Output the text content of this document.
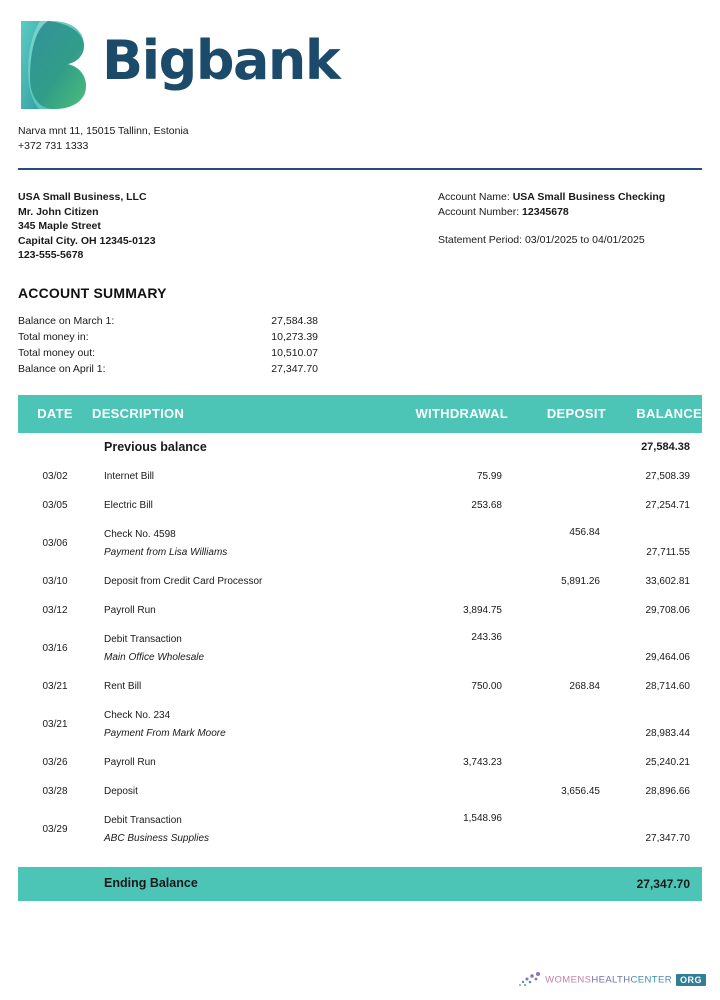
Bigbank
Narva mnt 11, 15015 Tallinn, Estonia
+372 731 1333
USA Small Business, LLC
Mr. John Citizen
345 Maple Street
Capital City. OH 12345-0123
123-555-5678
Account Name: USA Small Business Checking
Account Number: 12345678
Statement Period: 03/01/2025 to 04/01/2025
ACCOUNT SUMMARY
Balance on March 1:	27,584.38
Total money in:	10,273.39
Total money out:	10,510.07
Balance on April 1:	27,347.70
DATE	DESCRIPTION	WITHDRAWAL	DEPOSIT	BALANCE
	Previous balance			27,584.38
03/02	Internet Bill	75.99		27,508.39
03/05	Electric Bill	253.68		27,254.71
03/06	Check No. 4598
Payment from Lisa Williams		456.84	27,711.55
03/10	Deposit from Credit Card Processor		5,891.26	33,602.81
03/12	Payroll Run	3,894.75		29,708.06
03/16	Debit Transaction
Main Office Wholesale	243.36		29,464.06
03/21	Rent Bill	750.00	268.84	28,714.60
03/21	Check No. 234
Payment From Mark Moore			28,983.44
03/26	Payroll Run	3,743.23		25,240.21
03/28	Deposit		3,656.45	28,896.66
03/29	Debit Transaction
ABC Business Supplies	1,548.96		27,347.70

	Ending Balance			27,347.70
WOMENSHEALTHCENTER ORG
